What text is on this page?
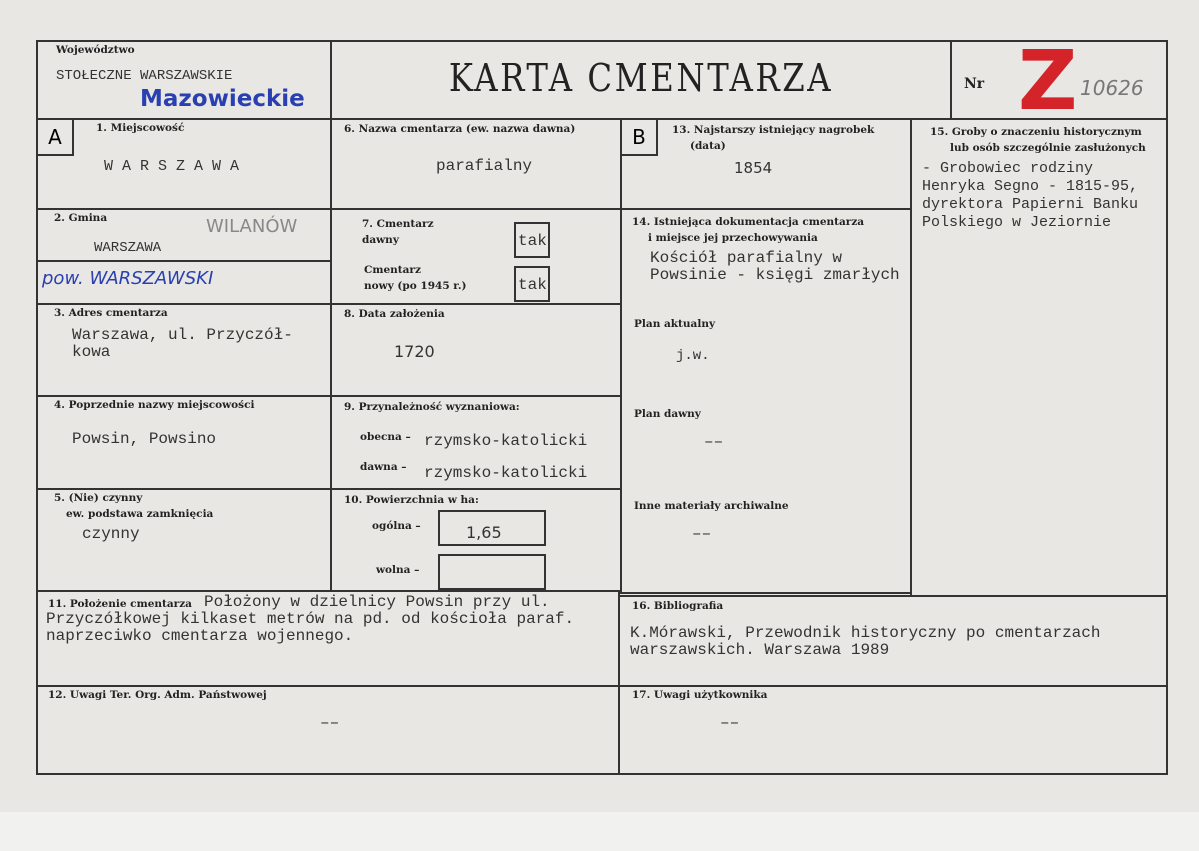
Województwo
STOŁECZNE WARSZAWSKIE
Mazowieckie	KARTA CMENTARZA	Nr Z 10626
A	1. Miejscowość
W A R S Z A W A
2. Gmina	WILANÓW
WARSZAWA
pow. WARSZAWSKI
3. Adres cmentarza
Warszawa, ul. Przyczół-
kowa
4. Poprzednie nazwy miejscowości
Powsin, Powsino
5. (Nie) czynny
ew. podstawa zamknięcia
czynny
6. Nazwa cmentarza (ew. nazwa dawna)
parafialny
7. Cmentarz
dawny	tak
Cmentarz
nowy (po 1945 r.)	tak
8. Data założenia
1720
9. Przynależność wyznaniowa:
obecna – rzymsko-katolicki
dawna – rzymsko-katolicki
10. Powierzchnia w ha:
ogólna –	1,65
wolna –
B	13. Najstarszy istniejący nagrobek
(data)
1854
14. Istniejąca dokumentacja cmentarza
i miejsce jej przechowywania
Kościół parafialny w
Powsinie - księgi zmarłych
Plan aktualny
j.w.
Plan dawny
––
Inne materiały archiwalne
––
15. Groby o znaczeniu historycznym
lub osób szczególnie zasłużonych
- Grobowiec rodziny
Henryka Segno - 1815-95,
dyrektora Papierni Banku
Polskiego w Jeziornie
11. Położenie cmentarza Położony w dzielnicy Powsin przy ul.
Przyczółkowej kilkaset metrów na pd. od kościoła paraf.
naprzeciwko cmentarza wojennego.
16. Bibliografia
K.Mórawski, Przewodnik historyczny po cmentarzach
warszawskich. Warszawa 1989
12. Uwagi Ter. Org. Adm. Państwowej
––
17. Uwagi użytkownika
––
